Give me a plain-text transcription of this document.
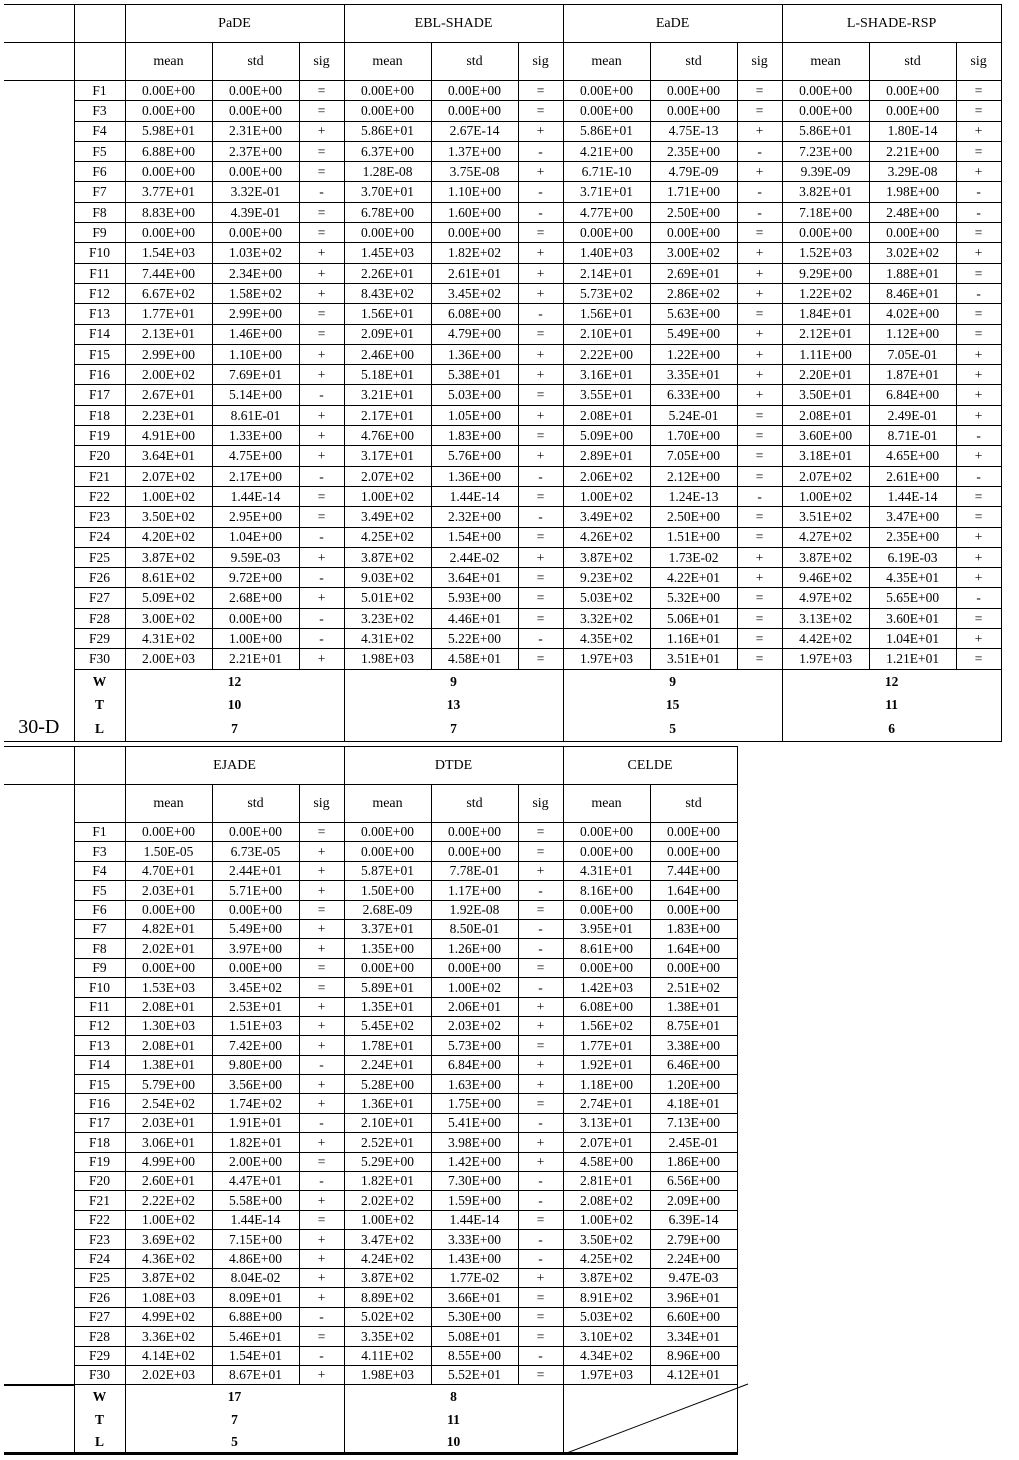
		PaDE			EBL-SHADE			EaDE			L-SHADE-RSP		
		mean	std	sig	mean	std	sig	mean	std	sig	mean	std	sig
	F1	0.00E+00	0.00E+00	=	0.00E+00	0.00E+00	=	0.00E+00	0.00E+00	=	0.00E+00	0.00E+00	=
	F3	0.00E+00	0.00E+00	=	0.00E+00	0.00E+00	=	0.00E+00	0.00E+00	=	0.00E+00	0.00E+00	=
	F4	5.98E+01	2.31E+00	+	5.86E+01	2.67E-14	+	5.86E+01	4.75E-13	+	5.86E+01	1.80E-14	+
	F5	6.88E+00	2.37E+00	=	6.37E+00	1.37E+00	-	4.21E+00	2.35E+00	-	7.23E+00	2.21E+00	=
	F6	0.00E+00	0.00E+00	=	1.28E-08	3.75E-08	+	6.71E-10	4.79E-09	+	9.39E-09	3.29E-08	+
	F7	3.77E+01	3.32E-01	-	3.70E+01	1.10E+00	-	3.71E+01	1.71E+00	-	3.82E+01	1.98E+00	-
	F8	8.83E+00	4.39E-01	=	6.78E+00	1.60E+00	-	4.77E+00	2.50E+00	-	7.18E+00	2.48E+00	-
	F9	0.00E+00	0.00E+00	=	0.00E+00	0.00E+00	=	0.00E+00	0.00E+00	=	0.00E+00	0.00E+00	=
	F10	1.54E+03	1.03E+02	+	1.45E+03	1.82E+02	+	1.40E+03	3.00E+02	+	1.52E+03	3.02E+02	+
	F11	7.44E+00	2.34E+00	+	2.26E+01	2.61E+01	+	2.14E+01	2.69E+01	+	9.29E+00	1.88E+01	=
	F12	6.67E+02	1.58E+02	+	8.43E+02	3.45E+02	+	5.73E+02	2.86E+02	+	1.22E+02	8.46E+01	-
	F13	1.77E+01	2.99E+00	=	1.56E+01	6.08E+00	-	1.56E+01	5.63E+00	=	1.84E+01	4.02E+00	=
	F14	2.13E+01	1.46E+00	=	2.09E+01	4.79E+00	=	2.10E+01	5.49E+00	+	2.12E+01	1.12E+00	=
	F15	2.99E+00	1.10E+00	+	2.46E+00	1.36E+00	+	2.22E+00	1.22E+00	+	1.11E+00	7.05E-01	+
	F16	2.00E+02	7.69E+01	+	5.18E+01	5.38E+01	+	3.16E+01	3.35E+01	+	2.20E+01	1.87E+01	+
	F17	2.67E+01	5.14E+00	-	3.21E+01	5.03E+00	=	3.55E+01	6.33E+00	+	3.50E+01	6.84E+00	+
	F18	2.23E+01	8.61E-01	+	2.17E+01	1.05E+00	+	2.08E+01	5.24E-01	=	2.08E+01	2.49E-01	+
	F19	4.91E+00	1.33E+00	+	4.76E+00	1.83E+00	=	5.09E+00	1.70E+00	=	3.60E+00	8.71E-01	-
	F20	3.64E+01	4.75E+00	+	3.17E+01	5.76E+00	+	2.89E+01	7.05E+00	=	3.18E+01	4.65E+00	+
	F21	2.07E+02	2.17E+00	-	2.07E+02	1.36E+00	-	2.06E+02	2.12E+00	=	2.07E+02	2.61E+00	-
	F22	1.00E+02	1.44E-14	=	1.00E+02	1.44E-14	=	1.00E+02	1.24E-13	-	1.00E+02	1.44E-14	=
	F23	3.50E+02	2.95E+00	=	3.49E+02	2.32E+00	-	3.49E+02	2.50E+00	=	3.51E+02	3.47E+00	=
	F24	4.20E+02	1.04E+00	-	4.25E+02	1.54E+00	=	4.26E+02	1.51E+00	=	4.27E+02	2.35E+00	+
	F25	3.87E+02	9.59E-03	+	3.87E+02	2.44E-02	+	3.87E+02	1.73E-02	+	3.87E+02	6.19E-03	+
	F26	8.61E+02	9.72E+00	-	9.03E+02	3.64E+01	=	9.23E+02	4.22E+01	+	9.46E+02	4.35E+01	+
	F27	5.09E+02	2.68E+00	+	5.01E+02	5.93E+00	=	5.03E+02	5.32E+00	=	4.97E+02	5.65E+00	-
	F28	3.00E+02	0.00E+00	-	3.23E+02	4.46E+01	=	3.32E+02	5.06E+01	=	3.13E+02	3.60E+01	=
	F29	4.31E+02	1.00E+00	-	4.31E+02	5.22E+00	-	4.35E+02	1.16E+01	=	4.42E+02	1.04E+01	+
	F30	2.00E+03	2.21E+01	+	1.98E+03	4.58E+01	=	1.97E+03	3.51E+01	=	1.97E+03	1.21E+01	=
	W	12			9			9			12		
	T	10			13			15			11		
30-D	L	7			7			5			6		
		EJADE			DTDE			CELDE	
		mean	std	sig	mean	std	sig	mean	std
	F1	0.00E+00	0.00E+00	=	0.00E+00	0.00E+00	=	0.00E+00	0.00E+00
	F3	1.50E-05	6.73E-05	+	0.00E+00	0.00E+00	=	0.00E+00	0.00E+00
	F4	4.70E+01	2.44E+01	+	5.87E+01	7.78E-01	+	4.31E+01	7.44E+00
	F5	2.03E+01	5.71E+00	+	1.50E+00	1.17E+00	-	8.16E+00	1.64E+00
	F6	0.00E+00	0.00E+00	=	2.68E-09	1.92E-08	=	0.00E+00	0.00E+00
	F7	4.82E+01	5.49E+00	+	3.37E+01	8.50E-01	-	3.95E+01	1.83E+00
	F8	2.02E+01	3.97E+00	+	1.35E+00	1.26E+00	-	8.61E+00	1.64E+00
	F9	0.00E+00	0.00E+00	=	0.00E+00	0.00E+00	=	0.00E+00	0.00E+00
	F10	1.53E+03	3.45E+02	=	5.89E+01	1.00E+02	-	1.42E+03	2.51E+02
	F11	2.08E+01	2.53E+01	+	1.35E+01	2.06E+01	+	6.08E+00	1.38E+01
	F12	1.30E+03	1.51E+03	+	5.45E+02	2.03E+02	+	1.56E+02	8.75E+01
	F13	2.08E+01	7.42E+00	+	1.78E+01	5.73E+00	=	1.77E+01	3.38E+00
	F14	1.38E+01	9.80E+00	-	2.24E+01	6.84E+00	+	1.92E+01	6.46E+00
	F15	5.79E+00	3.56E+00	+	5.28E+00	1.63E+00	+	1.18E+00	1.20E+00
	F16	2.54E+02	1.74E+02	+	1.36E+01	1.75E+00	=	2.74E+01	4.18E+01
	F17	2.03E+01	1.91E+01	-	2.10E+01	5.41E+00	-	3.13E+01	7.13E+00
	F18	3.06E+01	1.82E+01	+	2.52E+01	3.98E+00	+	2.07E+01	2.45E-01
	F19	4.99E+00	2.00E+00	=	5.29E+00	1.42E+00	+	4.58E+00	1.86E+00
	F20	2.60E+01	4.47E+01	-	1.82E+01	7.30E+00	-	2.81E+01	6.56E+00
	F21	2.22E+02	5.58E+00	+	2.02E+02	1.59E+00	-	2.08E+02	2.09E+00
	F22	1.00E+02	1.44E-14	=	1.00E+02	1.44E-14	=	1.00E+02	6.39E-14
	F23	3.69E+02	7.15E+00	+	3.47E+02	3.33E+00	-	3.50E+02	2.79E+00
	F24	4.36E+02	4.86E+00	+	4.24E+02	1.43E+00	-	4.25E+02	2.24E+00
	F25	3.87E+02	8.04E-02	+	3.87E+02	1.77E-02	+	3.87E+02	9.47E-03
	F26	1.08E+03	8.09E+01	+	8.89E+02	3.66E+01	=	8.91E+02	3.96E+01
	F27	4.99E+02	6.88E+00	-	5.02E+02	5.30E+00	=	5.03E+02	6.60E+00
	F28	3.36E+02	5.46E+01	=	3.35E+02	5.08E+01	=	3.10E+02	3.34E+01
	F29	4.14E+02	1.54E+01	-	4.11E+02	8.55E+00	-	4.34E+02	8.96E+00
	F30	2.02E+03	8.67E+01	+	1.98E+03	5.52E+01	=	1.97E+03	4.12E+01
	W	17			8				
	T	7			11				
	L	5			10				
